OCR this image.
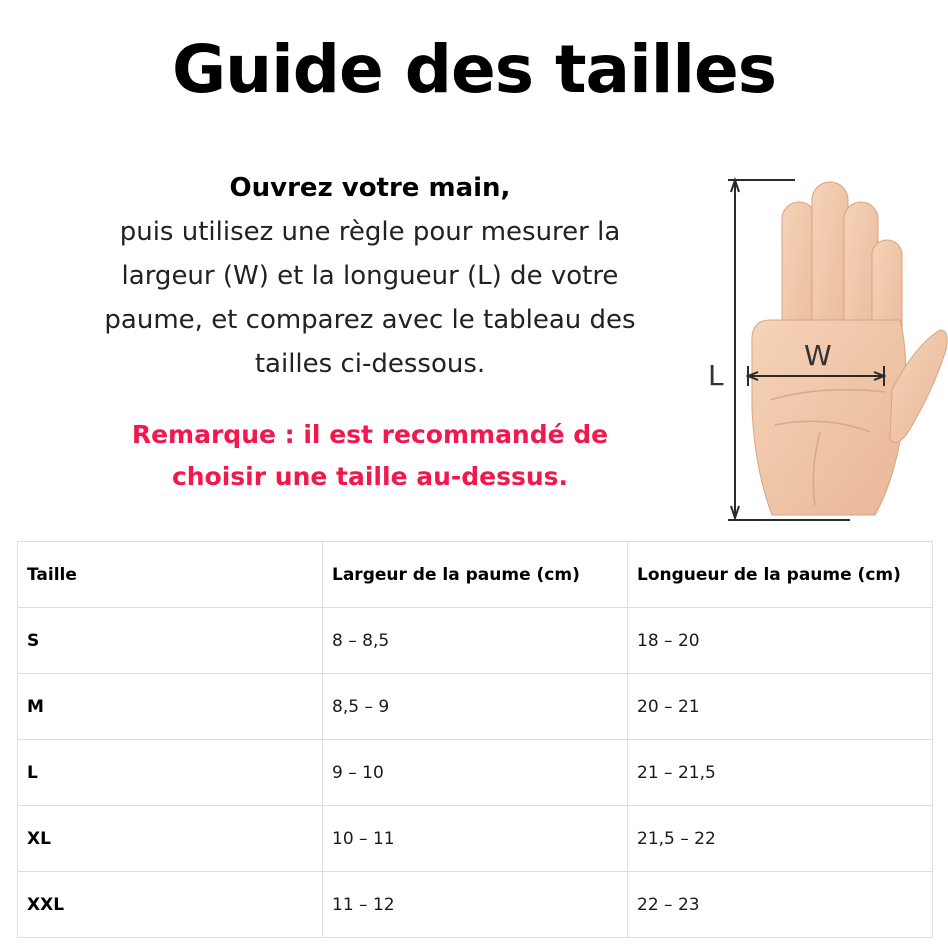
Guide des tailles
Ouvrez votre main,
puis utilisez une règle pour mesurer la
largeur (W) et la longueur (L) de votre
paume, et comparez avec le tableau des
tailles ci-dessous.
Remarque : il est recommandé de
choisir une taille au-dessus.
L
W
Taille	Largeur de la paume (cm)	Longueur de la paume (cm)
S	8 – 8,5	18 – 20
M	8,5 – 9	20 – 21
L	9 – 10	21 – 21,5
XL	10 – 11	21,5 – 22
XXL	11 – 12	22 – 23
